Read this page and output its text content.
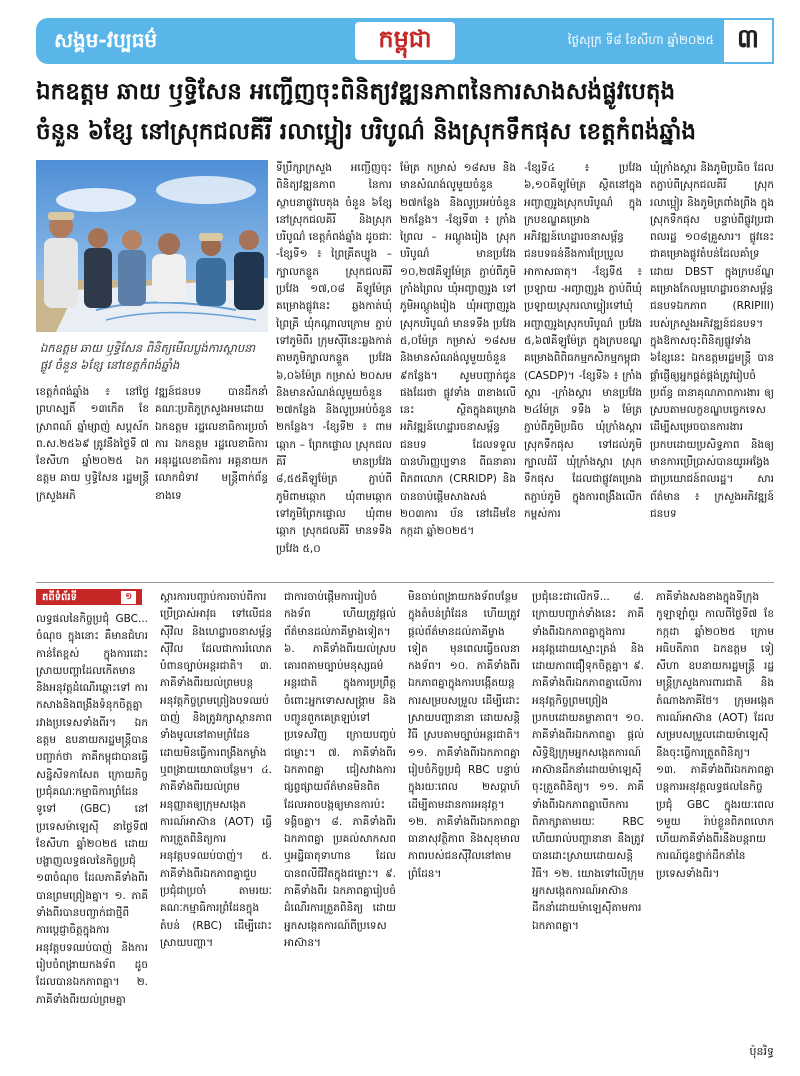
សង្គម-វប្បធម៌	កម្ពុជា	ថ្ងៃសុក្រ ទី៨ ខែសីហា ឆ្នាំ២០២៥ ៣
ឯកឧត្តម ឆាយ ឫទ្ធិសែន អញ្ជើញចុះពិនិត្យវឌ្ឍនភាពនៃការសាងសង់ផ្លូវបេតុង
ចំនួន ៦ខ្សែ នៅស្រុកជលគីរី រលាប្អៀរ បរិបូណ៌ និងស្រុកទឹកផុស ខេត្តកំពង់ឆ្នាំង
ឯកឧត្តម ឆាយ ឫទ្ធិសែន ពិនិត្យមើលប្លង់ការស្ថាបនាផ្លូវ ចំនួន ៦ខ្សែ នៅខេត្តកំពង់ឆ្នាំង
ខេត្តកំពង់ឆ្នាំង ៖ នៅថ្ងៃព្រហស្បតិ៍ ១៣កើត ខែស្រាពណ៍ ឆ្នាំម្សាញ់ សប្តស័ក ព.ស.២៥៦៩ ត្រូវនឹងថ្ងៃទី ៧ ខែសីហា ឆ្នាំ២០២៥ ឯកឧត្តម ឆាយ ឫទ្ធិសែន រដ្ឋមន្ត្រីក្រសួងអភិ
វឌ្ឍន៍ជនបទ បានដឹកនាំគណៈប្រតិភូក្រសួងអមដោយ ឯកឧត្តម រដ្ឋលេខាធិការប្រចាំការ ឯកឧត្តម រដ្ឋលេខាធិការ អនុរដ្ឋលេខាធិការ អគ្គនាយក លោកជំទាវ មន្ត្រីពាក់ព័ន្ធ ខាងទេ
ទីប្រឹក្សាក្រសួង អញ្ជើញចុះពិនិត្យវឌ្ឍនភាព នៃការស្ថាបនាផ្លូវបេតុង ចំនួន ៦ខ្សែ នៅស្រុកជលគីរី និងស្រុកបរិបូណ៌ ខេត្តកំពង់ឆ្នាំង ដូចជាៈ -ខ្សែទី១ ៖ ព្រៃគ្រីតប្បូង – ក្បាលកន្ទួត ស្រុកជលគីរី ប្រវែង ១៧,០៨ គីឡូម៉ែត្រ គម្រោងផ្លូវនេះ ឆ្លងកាត់ឃុំព្រៃគ្រី ឃុំកណ្តាលក្រោម ភ្ជាប់ទៅភូមិពីរ ក្រុមស៊ីរីនេះឆ្លងកាត់តាមភូមិក្បាលកន្ទួត ប្រវែង ៦,០៦ម៉ែត្រ កម្រាស់ ២០សម និងមានសំណង់លូមួយចំនួន ២៧កន្លែង និងលូប្រអប់ចំនួន ២កន្លែង។ -ខ្សែទី២ ៖ ពាមឆ្កោក – ព្រែកផ្ទោល ស្រុកជលគីរី មានប្រវែង ៨,៥៥គីឡូម៉ែត្រ ភ្ជាប់ពីភូមិពាមឆ្កោក ឃុំពាមឆ្កោក ទៅភូមិព្រែកផ្ទោល ឃុំពាមឆ្កោក ស្រុកជលគីរី មានទទឹង ប្រវែង ៥,០
ម៉ែត្រ កម្រាស់ ១៨សម និងមានសំណង់លូមួយចំនួន ២៧កន្លែង និងលូប្រអប់ចំនួន ២កន្លែង។ -ខ្សែទី៣ ៖ ក្រាំងព្រៃល – អណ្តូងរៀង ស្រុកបរិបូណ៌ មានប្រវែង ១០,២៧គីឡូម៉ែត្រ ភ្ជាប់ពីភូមិក្រាំងព្រៃល ឃុំអញ្ចាញរូង ទៅភូមិអណ្តូងរៀង ឃុំអញ្ចាញរូង ស្រុកបរិបូណ៌ មានទទឹង ប្រវែង ៥,០ម៉ែត្រ កម្រាស់ ១៨សម និងមានសំណង់លូមួយចំនួន ៩កន្លែង។ សូមបញ្ជាក់ជូនផងដែរថា ផ្លូវទាំង ៣ខាងលើនេះ ស្ថិតក្នុងគម្រោងអភិវឌ្ឍន៍ហេដ្ឋារចនាសម្ព័ន្ធជនបទ ដែលទទួលបានហិរញ្ញប្បទាន ពីធនាគារពិភពលោក (CRRIDP) និងបានចាប់ផ្តើមសាងសង់ ២០៣ការ ប័ន នៅដើមខែកក្កដា ឆ្នាំ២០២៥។
-ខ្សែទី៤ ៖ ប្រវែង ៦,១០គីឡូម៉ែត្រ ស្ថិតនៅក្នុងអញ្ចាញរូងស្រុកបរិបូណ៌ ក្នុងក្របខណ្ឌគម្រោងអភិវឌ្ឍន៍ហេដ្ឋារចនាសម្ព័ន្ធជនបទធន់នឹងការប្រែប្រួលអាកាសធាតុ។ -ខ្សែទី៥ ៖ ប្រឡាយ -អញ្ចាញរូង ភ្ជាប់ពីឃុំប្រឡាយស្រុករលាប្អៀរទៅឃុំអញ្ចាញរូងស្រុកបរិបូណ៌ ប្រវែង ៥,៦៧គីឡូម៉ែត្រ ក្នុងក្របខណ្ឌគម្រោងពិពិធកម្មកសិកម្មកម្ពុជា (CASDP)។ -ខ្សែទី៦ ៖ ក្រាំងស្គារ -ក្រាំងស្គារ មានប្រវែង ២៤ម៉ែត្រ ទទឹង ៦ ម៉ែត្រ ភ្ជាប់ពីភូមិប្រធិច ឃុំក្រាំងស្គារ ស្រុកទឹកផុស ទៅដល់ភូមិក្បាលដំរី ឃុំក្រាំងស្គារ ស្រុកទឹកផុស ដែលជាផ្លូវគម្រោងតភ្ជាប់ភូមិ ក្នុងការពង្រឹងលើកកម្ពស់ការ
ឃុំក្រាំងស្គារ និងភូមិប្រធិច ដែលតភ្ជាប់ពីស្រុកជលគីរី ស្រុករលាប្អៀរ និងភូមិត្រពាំងព្រីង ក្នុងស្រុកទឹកផុស បន្ទាប់ពីផ្លូវប្រជាពលរដ្ឋ ១០៨គ្រួសារ។ ផ្លូវនេះជាគម្រោងផ្លូវតំបន់ដែលគាំទ្រដោយ DBST ក្នុងក្របខ័ណ្ឌគម្រោងកែលម្អហេដ្ឋារចនាសម្ព័ន្ធជនបទឯកភាព (RRIPIII) របស់ក្រសួងអភិវឌ្ឍន៍ជនបទ។ ក្នុងឱកាសចុះពិនិត្យផ្លូវទាំង ៦ខ្សែនេះ ឯកឧត្តមរដ្ឋមន្ត្រី បានផ្តាំផ្ញើឲ្យអ្នកផ្គត់ផ្គង់ត្រូវរៀបចំប្រព័ន្ធ ធានាគុណភាពការងារ ឲ្យស្របតាមលក្ខខណ្ឌបច្ចេកទេស ដើម្បីសម្រេចបានការងារប្រកបដោយប្រសិទ្ធភាព និងឲ្យមានការប្រើប្រាស់បានយូរអង្វែង ជាប្រយោជន៍ពលរដ្ឋ។ សារព័ត៌មាន ៖ ក្រសួងអភិវឌ្ឍន៍ជនបទ
តពីទំព័រទី	១
លទ្ធផលនៃកិច្ចប្រជុំ GBC... ចំណុច ក្នុងនោះ គឺមានជំហរកាន់តែខ្ពស់ ក្នុងការដោះស្រាយបញ្ហាដែលកើតមាន និងអនុវត្តដំណើរឆ្ពោះទៅ ការកសាងនិងពង្រឹងទំនុកចិត្តគ្នារវាងប្រទេសទាំងពីរ។ ឯកឧត្តម ឧបនាយករដ្ឋមន្ត្រីបានបញ្ជាក់ថា ភាគីកម្ពុជាបានធ្វើសន្និសីទកាសែត ក្រោយកិច្ចប្រជុំគណៈកម្មាធិការព្រំដែនទូទៅ (GBC) នៅប្រទេសម៉ាឡេស៊ី នាថ្ងៃទី៧ ខែសីហា ឆ្នាំ២០២៥ ដោយបង្ហាញលទ្ធផលនៃកិច្ចប្រជុំ ១៣ចំណុច ដែលភាគីទាំងពីរបានព្រមព្រៀងគ្នា។ ១. ភាគីទាំងពីរបានបញ្ជាក់ជាថ្មីពីការប្តេជ្ញាចិត្តក្នុងការអនុវត្តបទឈប់បាញ់ និងការរៀបចំពង្រាយកងទ័ព ដូចដែលបានឯកភាពគ្នា។ ២. ភាគីទាំងពីរយល់ព្រមគ្នា
ស្ដារការបញ្ជាប់ការចាប់ពីការប្រើប្រាស់អាវុធ ទៅលើជនស៊ីវិល និងហេដ្ឋារចនាសម្ព័ន្ធស៊ីវិល ដែលជាការរំលោភបំពានច្បាប់អន្តរជាតិ។ ៣. ភាគីទាំងពីរយល់ព្រមបន្តអនុវត្តកិច្ចព្រមព្រៀងបទឈប់បាញ់ និងត្រូវរក្សាស្ថានភាពទាំងមូលនៅតាមព្រំដែន ដោយមិនធ្វើការពង្រឹងកម្លាំង ឬពង្រាយយោធាបន្ថែម។ ៤. ភាគីទាំងពីរយល់ព្រមអនុញ្ញាតឲ្យក្រុមសង្កេតការណ៍អាស៊ាន (AOT) ធ្វើការត្រួតពិនិត្យការអនុវត្តបទឈប់បាញ់។ ៥. ភាគីទាំងពីរឯកភាពគ្នាជួបប្រជុំជាប្រចាំ តាមរយៈគណៈកម្មាធិការព្រំដែនក្នុងតំបន់ (RBC) ដើម្បីដោះស្រាយបញ្ហា។
ជាការចាប់ផ្ដើមការរៀបចំកងទ័ព ហើយត្រូវផ្ដល់ព័ត៌មានដល់ភាគីម្ខាងទៀត។ ៦. ភាគីទាំងពីរយល់ស្របគោរពតាមច្បាប់មនុស្សធម៌អន្តរជាតិ ក្នុងការប្រព្រឹត្តចំពោះអ្នកទោសសង្គ្រាម និងបញ្ជូនពួកគេត្រឡប់ទៅប្រទេសវិញ ក្រោយបញ្ចប់ជម្លោះ។ ៧. ភាគីទាំងពីរឯកភាពគ្នា ជៀសវាងការផ្សព្វផ្សាយព័ត៌មានមិនពិត ដែលអាចបង្កឲ្យមានការប៉ះទង្គិចគ្នា។ ៨. ភាគីទាំងពីរឯកភាពគ្នា ប្រគល់សាកសព ឬអដ្ឋិធាតុទាហាន ដែលបានពលីជីវិតក្នុងជម្លោះ។ ៩. ភាគីទាំងពីរ ឯកភាពគ្នារៀបចំដំណើរការត្រួតពិនិត្យ ដោយអ្នកសង្កេតការណ៍ពីប្រទេសអាស៊ាន។
មិនចាប់ពង្រាយកងទ័ពបន្ថែម ក្នុងតំបន់ព្រំដែន ហើយត្រូវផ្ដល់ព័ត៌មានដល់ភាគីម្ខាងទៀត មុនពេលធ្វើចលនាកងទ័ព។ ១០. ភាគីទាំងពីរឯកភាពគ្នាក្នុងការបង្កើតយន្តការសម្របសម្រួល ដើម្បីដោះស្រាយបញ្ហានានា ដោយសន្តិវិធី ស្របតាមច្បាប់អន្តរជាតិ។ ១១. ភាគីទាំងពីរឯកភាពគ្នារៀបចំកិច្ចប្រជុំ RBC បន្ទាប់ ក្នុងរយៈពេល ២សប្ដាហ៍ ដើម្បីតាមដានការអនុវត្ត។ ១២. ភាគីទាំងពីរឯកភាពគ្នាធានាសុវត្ថិភាព និងសុខុមាលភាពរបស់ជនស៊ីវិលនៅតាមព្រំដែន។
ប្រជុំនេះជាលើកទី... ៨. ក្រោយបញ្ជាក់ទាំងនេះ ភាគីទាំងពីរឯកភាពគ្នាក្នុងការអនុវត្តដោយស្មោះត្រង់ និងដោយភាពជឿទុកចិត្តគ្នា។ ៩. ភាគីទាំងពីរឯកភាពគ្នាលើការអនុវត្តកិច្ចព្រមព្រៀង ប្រកបដោយតម្លាភាព។ ១០. ភាគីទាំងពីរឯកភាពគ្នា ផ្តល់សិទ្ធិឱ្យក្រុមអ្នកសង្កេតការណ៍អាស៊ានដឹកនាំដោយម៉ាឡេស៊ី ចុះត្រួតពិនិត្យ។ ១១. ភាគីទាំងពីរឯកភាពគ្នាបើកការពិភាក្សាតាមរយៈ RBC ហើយរាល់បញ្ហានានា នឹងត្រូវបានដោះស្រាយដោយសន្តិវិធី។ ១២. យោងទៅលើក្រុមអ្នកសង្កេតការណ៍អាស៊ានដឹកនាំដោយម៉ាឡេស៊ីតាមការឯកភាពគ្នា។
ភាគីទាំងសងខាងក្នុងទីក្រុងកូឡាឡាំពួរ កាលពីថ្ងៃទី៧ ខែកក្កដា ឆ្នាំ២០២៥ ក្រោមអធិបតីភាព ឯកឧត្តម ទៀ សីហា ឧបនាយករដ្ឋមន្ត្រី រដ្ឋមន្ត្រីក្រសួងការពារជាតិ និងតំណាងភាគីថៃ។ ក្រុមអង្កេតការណ៍អាស៊ាន (AOT) ដែលសម្របសម្រួលដោយម៉ាឡេស៊ី នឹងចុះធ្វើការត្រួតពិនិត្យ។ ១៣. ភាគីទាំងពីរឯកភាពគ្នាបន្តការអនុវត្តលទ្ធផលនៃកិច្ចប្រជុំ GBC ក្នុងរយៈពេល ១មួយ រ៉ាប់ខ្លួនពិភពលោក ហើយភាគីទាំងពីរនឹងបន្តរាយការណ៍ជូនថ្នាក់ដឹកនាំនៃប្រទេសទាំងពីរ។
ប៉ុនរិទ្ធ
